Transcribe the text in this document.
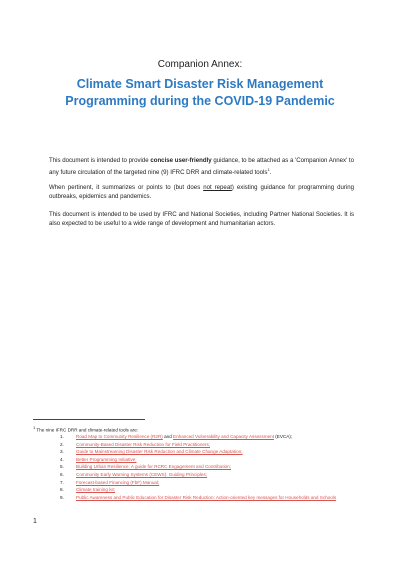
Companion Annex:
Climate Smart Disaster Risk Management
Programming during the COVID-19 Pandemic
This document is intended to provide concise user-friendly guidance, to be attached as a 'Companion Annex' to any future circulation of the targeted nine (9) IFRC DRR and climate-related tools$^1$.
When pertinent, it summarizes or points to (but does not repeat) existing guidance for programming during outbreaks, epidemics and pandemics.
This document is intended to be used by IFRC and National Societies, including Partner National Societies. It is also expected to be useful to a wide range of development and humanitarian actors.
1 The nine IFRC DRR and climate-related tools are:
1.	Road Map to Community Resilience (R2R) and Enhanced Vulnerability and Capacity Assessment (EVCA);
2.	Community-Based Disaster Risk Reduction for Field Practitioners;
3.	Guide to Mainstreaming Disaster Risk Reduction and Climate Change Adaptation;
4.	Better Programming Initiative;
5.	Building Urban Resilience: A guide for RCRC Engagement and Contribution;
6.	Community Early Warning Systems (CEWS): Guiding Principles;
7.	Forecast-based Financing (FbF) Manual;
8.	Climate training kit;
9.	Public Awareness and Public Education for Disaster Risk Reduction: Action-oriented key messages for Households and Schools
1
